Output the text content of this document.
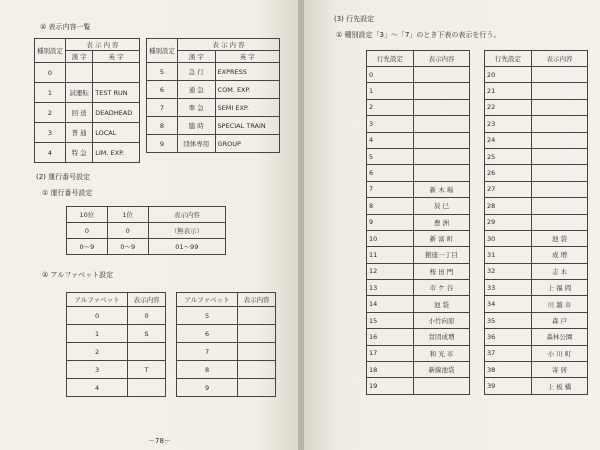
② 表示内容一覧
種別設定	表 示 内 容	
	漢 字	英 字
0		
1	試運転	TEST RUN
2	回 送	DEADHEAD
3	普 通	LOCAL
4	特 急	LIM. EXP.
種別設定	表 示 内 容	
	漢 字	英 字
5	急 行	EXPRESS
6	通 急	COM. EXP.
7	準 急	SEMI EXP.
8	臨 時	SPECIAL TRAIN
9	団体専用	GROUP
(2) 運行番号設定
① 運行番号設定
10位	1位	表示内容
0	0	（無表示）
0～9	0～9	01～99
② アルファベット設定
アルファベット	表示内容
0	0
1	S
2	
3	T
4	
アルファベット	表示内容
5	
6	
7	
8	
9	
－78－
(3) 行先設定
① 種別設定「3」～「7」のとき下表の表示を行う。
行先設定	表示内容
0	
1	
2	
3	
4	
5	
6	
7	新 木 場
8	辰 巳
9	豊 洲
10	新 富 町
11	銀座一丁目
12	桜 田 門
13	市 ケ 谷
14	池 袋
15	小竹向原
16	営団成増
17	和 光 市
18	新線池袋
19	
行先設定	表示内容
20	
21	
22	
23	
24	
25	
26	
27	
28	
29	
30	池 袋
31	成 増
32	志 木
33	上 福 岡
34	川 越 市
35	森 戸
36	森林公園
37	小 川 町
38	寄 居
39	上 板 橋
